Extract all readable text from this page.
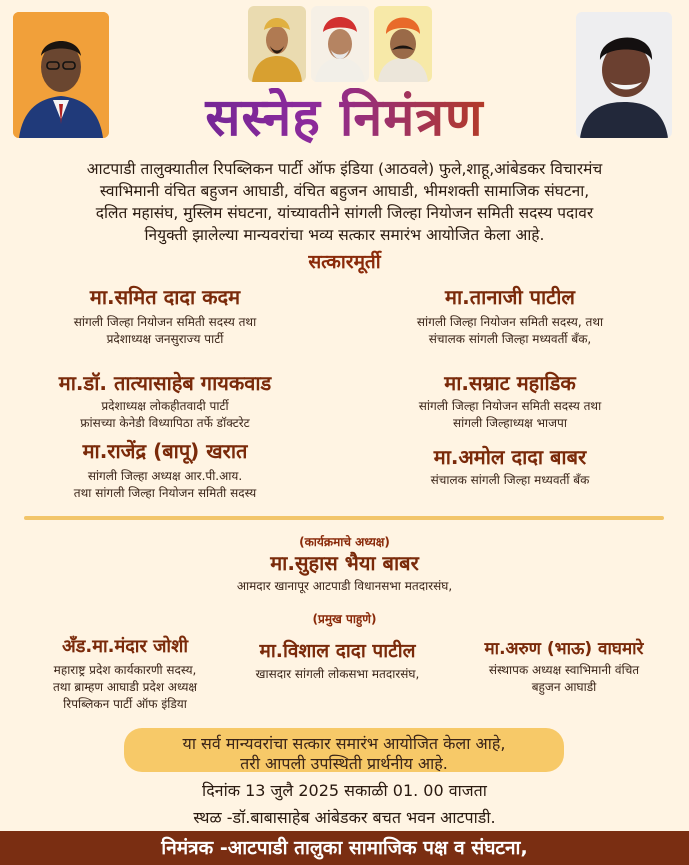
सस्नेह निमंत्रण
आटपाडी तालुक्यातील रिपब्लिकन पार्टी ऑफ इंडिया (आठवले) फुले,शाहू,आंबेडकर विचारमंच
स्वाभिमानी वंचित बहुजन आघाडी, वंचित बहुजन आघाडी, भीमशक्ती सामाजिक संघटना,
दलित महासंघ, मुस्लिम संघटना, यांच्यावतीने सांगली जिल्हा नियोजन समिती सदस्य पदावर
नियुक्ती झालेल्या मान्यवरांचा भव्य सत्कार समारंभ आयोजित केला आहे.
सत्कारमूर्ती
मा.समित दादा कदम
सांगली जिल्हा नियोजन समिती सदस्य तथा
प्रदेशाध्यक्ष जनसुराज्य पार्टी
मा.तानाजी पाटील
सांगली जिल्हा नियोजन समिती सदस्य, तथा
संचालक सांगली जिल्हा मध्यवर्ती बँक,
मा.डॉ. तात्यासाहेब गायकवाड
प्रदेशाध्यक्ष लोकहीतवादी पार्टी
फ्रांसच्या केनेडी विध्यापिठा तर्फे डॉक्टरेट
मा.सम्राट महाडिक
सांगली जिल्हा नियोजन समिती सदस्य तथा
सांगली जिल्हाध्यक्ष भाजपा
मा.राजेंद्र (बापू) खरात
सांगली जिल्हा अध्यक्ष आर.पी.आय.
तथा सांगली जिल्हा नियोजन समिती सदस्य
मा.अमोल दादा बाबर
संचालक सांगली जिल्हा मध्यवर्ती बँक
(कार्यक्रमाचे अध्यक्ष)
मा.सुहास भैया बाबर
आमदार खानापूर आटपाडी विधानसभा मतदारसंघ,
(प्रमुख पाहुणे)
अँड.मा.मंदार जोशी
महाराष्ट्र प्रदेश कार्यकारणी सदस्य,
तथा ब्राम्हण आघाडी प्रदेश अध्यक्ष
रिपब्लिकन पार्टी ऑफ इंडिया
मा.विशाल दादा पाटील
खासदार सांगली लोकसभा मतदारसंघ,
मा.अरुण (भाऊ) वाघमारे
संस्थापक अध्यक्ष स्वाभिमानी वंचित
बहुजन आघाडी
या सर्व मान्यवरांचा सत्कार समारंभ आयोजित केला आहे,
तरी आपली उपस्थिती प्रार्थनीय आहे.
दिनांक 13 जुलै 2025 सकाळी 01. 00 वाजता
स्थळ -डॉ.बाबासाहेब आंबेडकर बचत भवन आटपाडी.
निमंत्रक -आटपाडी तालुका सामाजिक पक्ष व संघटना,
